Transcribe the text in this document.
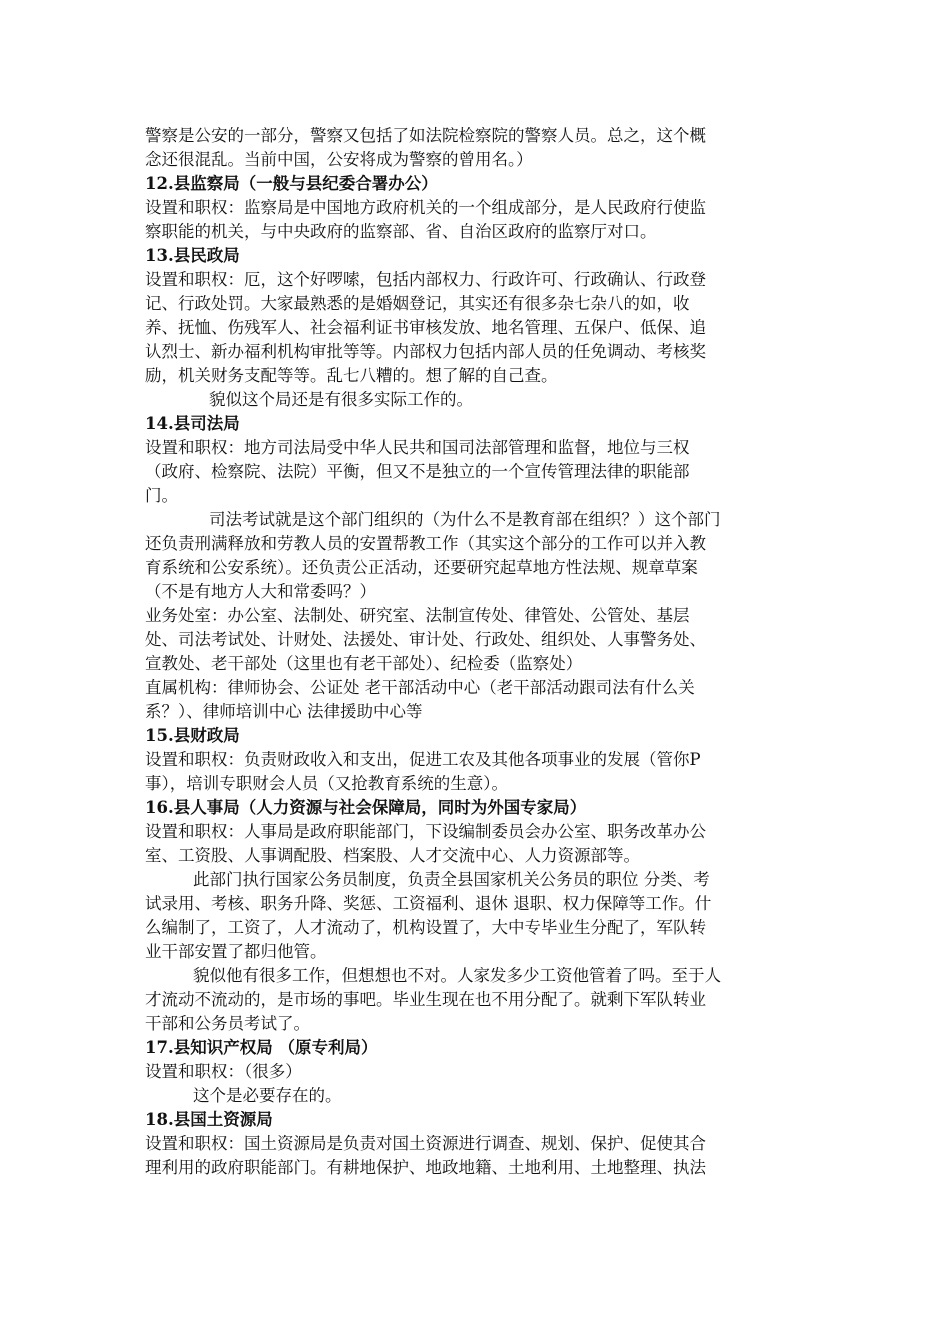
警察是公安的一部分，警察又包括了如法院检察院的警察人员。总之，这个概
念还很混乱。当前中国，公安将成为警察的曾用名。）
12.县监察局（一般与县纪委合署办公）
设置和职权：监察局是中国地方政府机关的一个组成部分，是人民政府行使监
察职能的机关，与中央政府的监察部、省、自治区政府的监察厅对口。
13.县民政局
设置和职权：厄，这个好啰嗦，包括内部权力、行政许可、行政确认、行政登
记、行政处罚。大家最熟悉的是婚姻登记，其实还有很多杂七杂八的如，收
养、抚恤、伤残军人、社会福利证书审核发放、地名管理、五保户、低保、追
认烈士、新办福利机构审批等等。内部权力包括内部人员的任免调动、考核奖
励，机关财务支配等等。乱七八糟的。想了解的自己查。
貌似这个局还是有很多实际工作的。
14.县司法局
设置和职权：地方司法局受中华人民共和国司法部管理和监督，地位与三权
（政府、检察院、法院）平衡，但又不是独立的一个宣传管理法律的职能部
门。
司法考试就是这个部门组织的（为什么不是教育部在组织？）这个部门
还负责刑满释放和劳教人员的安置帮教工作（其实这个部分的工作可以并入教
育系统和公安系统）。还负责公正活动，还要研究起草地方性法规、规章草案
（不是有地方人大和常委吗？）
业务处室：办公室、法制处、研究室、法制宣传处、律管处、公管处、基层
处、司法考试处、计财处、法援处、审计处、行政处、组织处、人事警务处、
宣教处、老干部处（这里也有老干部处）、纪检委（监察处）
直属机构：律师协会、公证处 老干部活动中心（老干部活动跟司法有什么关
系？）、律师培训中心 法律援助中心等
15.县财政局
设置和职权：负责财政收入和支出，促进工农及其他各项事业的发展（管你P
事），培训专职财会人员（又抢教育系统的生意）。
16.县人事局（人力资源与社会保障局，同时为外国专家局）
设置和职权：人事局是政府职能部门，下设编制委员会办公室、职务改革办公
室、工资股、人事调配股、档案股、人才交流中心、人力资源部等。
此部门执行国家公务员制度，负责全县国家机关公务员的职位 分类、考
试录用、考核、职务升降、奖惩、工资福利、退休 退职、权力保障等工作。什
么编制了，工资了，人才流动了，机构设置了，大中专毕业生分配了，军队转
业干部安置了都归他管。
貌似他有很多工作，但想想也不对。人家发多少工资他管着了吗。至于人
才流动不流动的，是市场的事吧。毕业生现在也不用分配了。就剩下军队转业
干部和公务员考试了。
17.县知识产权局 （原专利局）
设置和职权：（很多）
这个是必要存在的。
18.县国土资源局
设置和职权：国土资源局是负责对国土资源进行调查、规划、保护、促使其合
理利用的政府职能部门。有耕地保护、地政地籍、土地利用、土地整理、执法
